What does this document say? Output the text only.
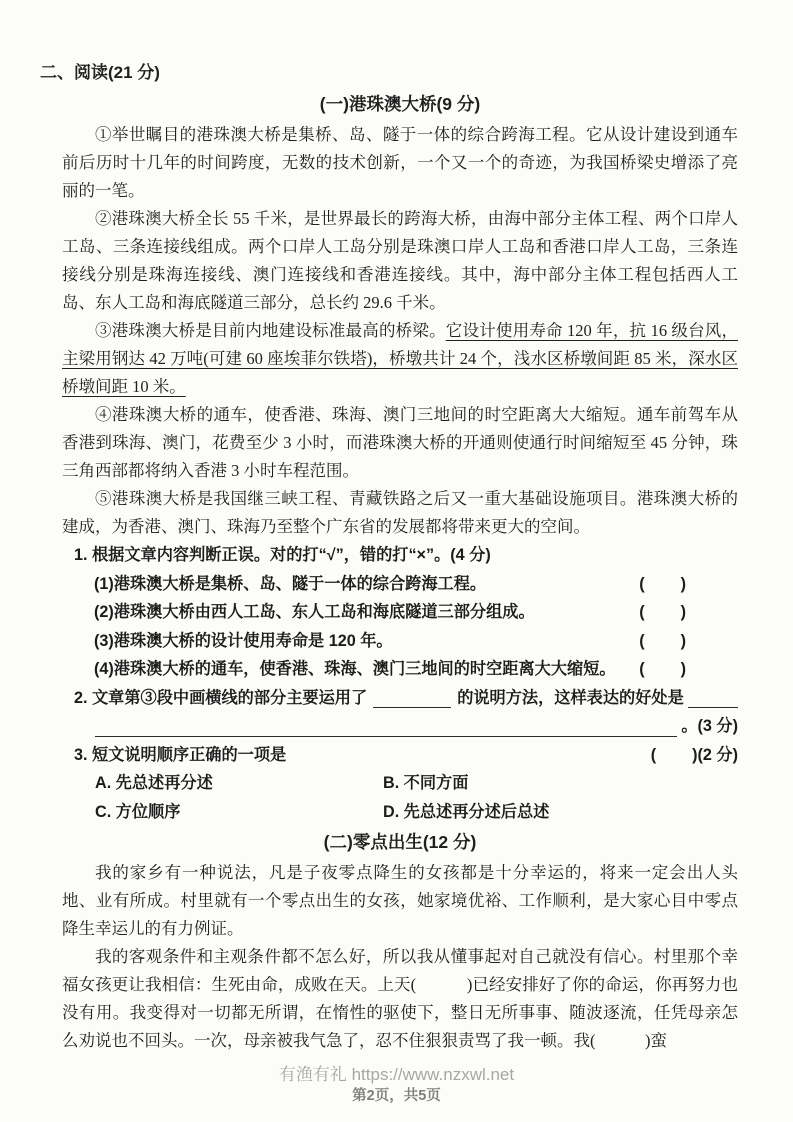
二、阅读(21 分)
(一)港珠澳大桥(9 分)

①举世瞩目的港珠澳大桥是集桥、岛、隧于一体的综合跨海工程。它从设计建设到通车前后历时十几年的时间跨度，无数的技术创新，一个又一个的奇迹，为我国桥梁史增添了亮丽的一笔。

②港珠澳大桥全长 55 千米，是世界最长的跨海大桥，由海中部分主体工程、两个口岸人工岛、三条连接线组成。两个口岸人工岛分别是珠澳口岸人工岛和香港口岸人工岛，三条连接线分别是珠海连接线、澳门连接线和香港连接线。其中，海中部分主体工程包括西人工岛、东人工岛和海底隧道三部分，总长约 29.6 千米。

③港珠澳大桥是目前内地建设标准最高的桥梁。它设计使用寿命 120 年，抗 16 级台风，主梁用钢达 42 万吨(可建 60 座埃菲尔铁塔)，桥墩共计 24 个，浅水区桥墩间距 85 米，深水区桥墩间距 10 米。

④港珠澳大桥的通车，使香港、珠海、澳门三地间的时空距离大大缩短。通车前驾车从香港到珠海、澳门，花费至少 3 小时，而港珠澳大桥的开通则使通行时间缩短至 45 分钟，珠三角西部都将纳入香港 3 小时车程范围。

⑤港珠澳大桥是我国继三峡工程、青藏铁路之后又一重大基础设施项目。港珠澳大桥的建成，为香港、澳门、珠海乃至整个广东省的发展都将带来更大的空间。

1. 根据文章内容判断正误。对的打“√”，错的打“×”。(4 分)
(1)港珠澳大桥是集桥、岛、隧于一体的综合跨海工程。	(        )
(2)港珠澳大桥由西人工岛、东人工岛和海底隧道三部分组成。	(        )
(3)港珠澳大桥的设计使用寿命是 120 年。	(        )
(4)港珠澳大桥的通车，使香港、珠海、澳门三地间的时空距离大大缩短。 (        )
2. 文章第③段中画横线的部分主要运用了	的说明方法，这样表达的好处是
。(3 分)
3. 短文说明顺序正确的一项是	(        )(2 分)
A. 先总述再分述	B. 不同方面
C. 方位顺序	D. 先总述再分述后总述
(二)零点出生(12 分)

我的家乡有一种说法，凡是子夜零点降生的女孩都是十分幸运的，将来一定会出人头地、业有所成。村里就有一个零点出生的女孩，她家境优裕、工作顺利，是大家心目中零点降生幸运儿的有力例证。

我的客观条件和主观条件都不怎么好，所以我从懂事起对自己就没有信心。村里那个幸福女孩更让我相信：生死由命，成败在天。上天(            )已经安排好了你的命运，你再努力也没有用。我变得对一切都无所谓，在惰性的驱使下，整日无所事事、随波逐流，任凭母亲怎么劝说也不回头。一次，母亲被我气急了，忍不住狠狠责骂了我一顿。我(            )蛮

有渔有礼 https://www.nzxwl.net
第2页，共5页
